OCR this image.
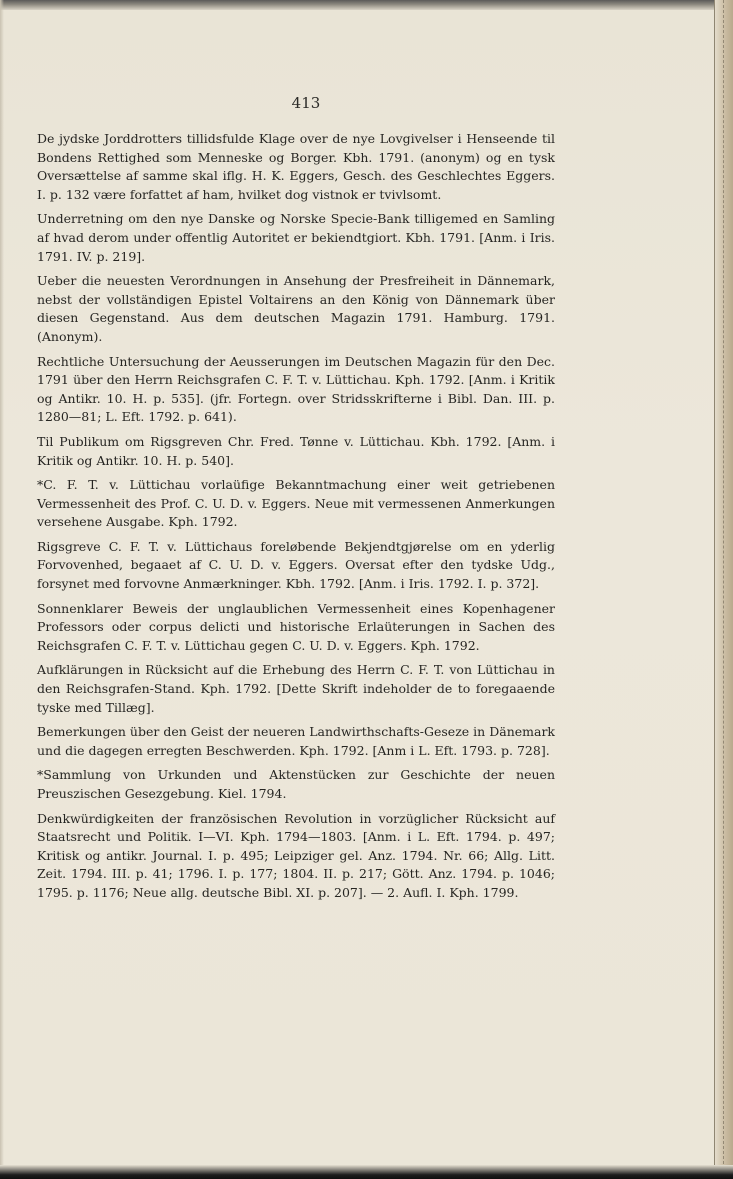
413

De jydske Jorddrotters tillidsfulde Klage over de nye Lovgivelser i Henseende til Bondens Rettighed som Menneske og Borger. Kbh. 1791. (anonym) og en tysk Oversættelse af samme skal iflg. H. K. Eggers, Gesch. des Geschlechtes Eggers. I. p. 132 være forfattet af ham, hvilket dog vistnok er tvivlsomt.

Underretning om den nye Danske og Norske Specie-Bank tilligemed en Samling af hvad derom under offentlig Autoritet er bekiendtgiort. Kbh. 1791. [Anm. i Iris. 1791. IV. p. 219].

Ueber die neuesten Verordnungen in Ansehung der Presfreiheit in Dännemark, nebst der vollständigen Epistel Voltairens an den König von Dännemark über diesen Gegenstand. Aus dem deutschen Magazin 1791. Hamburg. 1791. (Anonym).

Rechtliche Untersuchung der Aeusserungen im Deutschen Magazin für den Dec. 1791 über den Herrn Reichsgrafen C. F. T. v. Lüttichau. Kph. 1792. [Anm. i Kritik og Antikr. 10. H. p. 535]. (jfr. Fortegn. over Stridsskrifterne i Bibl. Dan. III. p. 1280—81; L. Eft. 1792. p. 641).

Til Publikum om Rigsgreven Chr. Fred. Tønne v. Lüttichau. Kbh. 1792. [Anm. i Kritik og Antikr. 10. H. p. 540].

*C. F. T. v. Lüttichau vorlaüfige Bekanntmachung einer weit getriebenen Vermessenheit des Prof. C. U. D. v. Eggers. Neue mit vermessenen Anmerkungen versehene Ausgabe. Kph. 1792.

Rigsgreve C. F. T. v. Lüttichaus foreløbende Bekjendtgjørelse om en yderlig Forvovenhed, begaaet af C. U. D. v. Eggers. Oversat efter den tydske Udg., forsynet med forvovne Anmærkninger. Kbh. 1792. [Anm. i Iris. 1792. I. p. 372].

Sonnenklarer Beweis der unglaublichen Vermessenheit eines Kopenhagener Professors oder corpus delicti und historische Erlaüterungen in Sachen des Reichsgrafen C. F. T. v. Lüttichau gegen C. U. D. v. Eggers. Kph. 1792.

Aufklärungen in Rücksicht auf die Erhebung des Herrn C. F. T. von Lüttichau in den Reichsgrafen-Stand. Kph. 1792. [Dette Skrift indeholder de to foregaaende tyske med Tillæg].

Bemerkungen über den Geist der neueren Landwirthschafts-Geseze in Dänemark und die dagegen erregten Beschwerden. Kph. 1792. [Anm i L. Eft. 1793. p. 728].

*Sammlung von Urkunden und Aktenstücken zur Geschichte der neuen Preuszischen Gesezgebung. Kiel. 1794.

Denkwürdigkeiten der französischen Revolution in vorzüglicher Rücksicht auf Staatsrecht und Politik. I—VI. Kph. 1794—1803. [Anm. i L. Eft. 1794. p. 497; Kritisk og antikr. Journal. I. p. 495; Leipziger gel. Anz. 1794. Nr. 66; Allg. Litt. Zeit. 1794. III. p. 41; 1796. I. p. 177; 1804. II. p. 217; Gött. Anz. 1794. p. 1046; 1795. p. 1176; Neue allg. deutsche Bibl. XI. p. 207]. — 2. Aufl. I. Kph. 1799.
